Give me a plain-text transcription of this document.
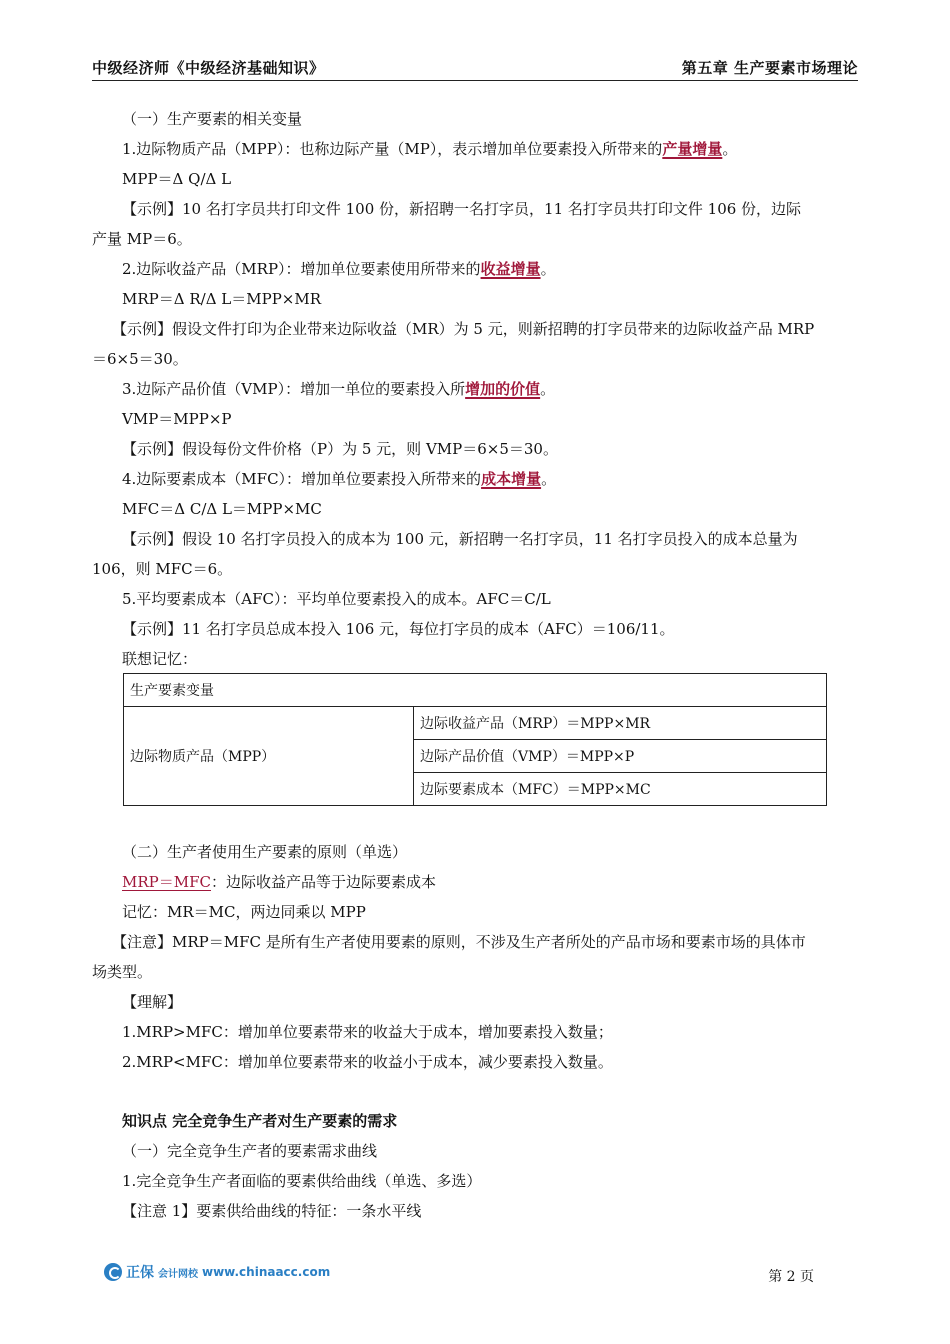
中级经济师《中级经济基础知识》	第五章 生产要素市场理论
（一）生产要素的相关变量
1.边际物质产品（MPP）：也称边际产量（MP），表示增加单位要素投入所带来的产量增量。
MPP＝Δ Q/Δ L
【示例】10 名打字员共打印文件 100 份，新招聘一名打字员，11 名打字员共打印文件 106 份，边际
产量 MP＝6。
2.边际收益产品（MRP）：增加单位要素使用所带来的收益增量。
MRP＝Δ R/Δ L＝MPP×MR
【示例】假设文件打印为企业带来边际收益（MR）为 5 元，则新招聘的打字员带来的边际收益产品 MRP
＝6×5＝30。
3.边际产品价值（VMP）：增加一单位的要素投入所增加的价值。
VMP＝MPP×P
【示例】假设每份文件价格（P）为 5 元，则 VMP＝6×5＝30。
4.边际要素成本（MFC）：增加单位要素投入所带来的成本增量。
MFC＝Δ C/Δ L＝MPP×MC
【示例】假设 10 名打字员投入的成本为 100 元，新招聘一名打字员，11 名打字员投入的成本总量为
106，则 MFC＝6。
5.平均要素成本（AFC）：平均单位要素投入的成本。AFC＝C/L
【示例】11 名打字员总成本投入 106 元，每位打字员的成本（AFC）＝106/11。
联想记忆：
生产要素变量
边际物质产品（MPP）	边际收益产品（MRP）＝MPP×MR
边际产品价值（VMP）＝MPP×P
边际要素成本（MFC）＝MPP×MC
（二）生产者使用生产要素的原则（单选）
MRP＝MFC：边际收益产品等于边际要素成本
记忆：MR＝MC，两边同乘以 MPP
【注意】MRP＝MFC 是所有生产者使用要素的原则，不涉及生产者所处的产品市场和要素市场的具体市
场类型。
【理解】
1.MRP>MFC：增加单位要素带来的收益大于成本，增加要素投入数量；
2.MRP<MFC：增加单位要素带来的收益小于成本，减少要素投入数量。
知识点 完全竞争生产者对生产要素的需求
（一）完全竞争生产者的要素需求曲线
1.完全竞争生产者面临的要素供给曲线（单选、多选）
【注意 1】要素供给曲线的特征：一条水平线
正保 会计网校 www.chinaacc.com	第 2 页
